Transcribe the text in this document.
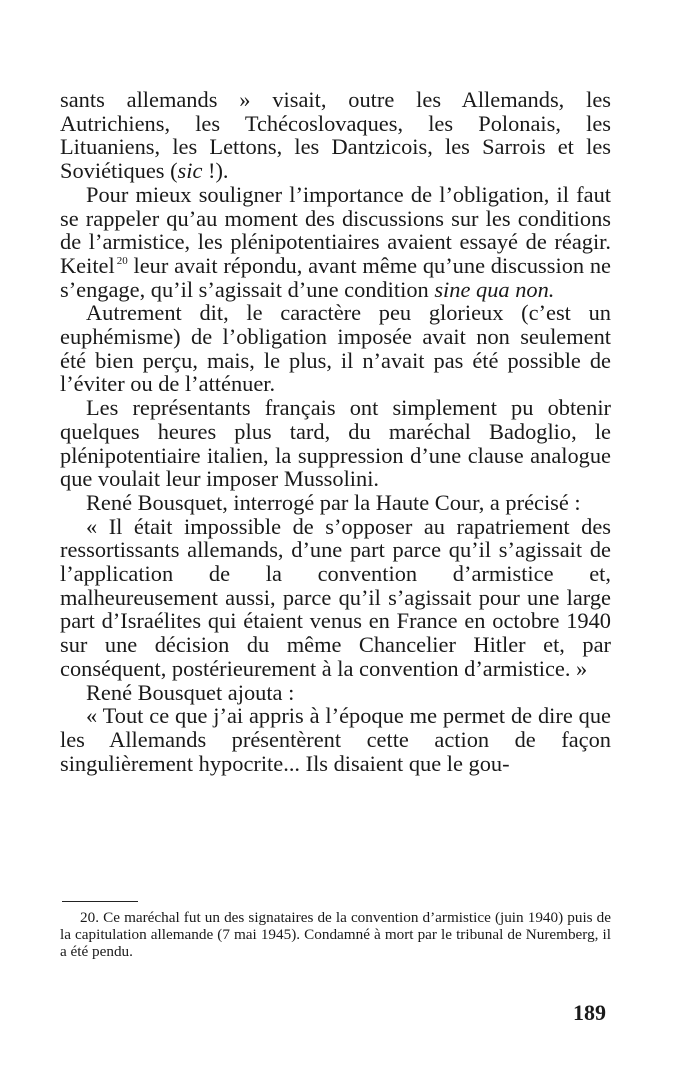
sants allemands » visait, outre les Allemands, les Autrichiens, les Tchécoslovaques, les Polonais, les Lituaniens, les Lettons, les Dantzicois, les Sarrois et les Soviétiques (sic !).

Pour mieux souligner l’importance de l’obligation, il faut se rappeler qu’au moment des discussions sur les conditions de l’armistice, les plénipotentiaires avaient essayé de réagir. Keitel $^{20}$ leur avait répondu, avant même qu’une discussion ne s’engage, qu’il s’agissait d’une condition sine qua non.

Autrement dit, le caractère peu glorieux (c’est un euphémisme) de l’obligation imposée avait non seulement été bien perçu, mais, le plus, il n’avait pas été possible de l’éviter ou de l’atténuer.

Les représentants français ont simplement pu obtenir quelques heures plus tard, du maréchal Badoglio, le plénipotentiaire italien, la suppression d’une clause analogue que voulait leur imposer Mussolini.

René Bousquet, interrogé par la Haute Cour, a précisé :

« Il était impossible de s’opposer au rapatriement des ressortissants allemands, d’une part parce qu’il s’agissait de l’application de la convention d’armistice et, malheureusement aussi, parce qu’il s’agissait pour une large part d’Israélites qui étaient venus en France en octobre 1940 sur une décision du même Chancelier Hitler et, par conséquent, postérieurement à la convention d’armistice. »

René Bousquet ajouta :

« Tout ce que j’ai appris à l’époque me permet de dire que les Allemands présentèrent cette action de façon singulièrement hypocrite... Ils disaient que le gou-

20. Ce maréchal fut un des signataires de la convention d’armistice (juin 1940) puis de la capitulation allemande (7 mai 1945). Condamné à mort par le tribunal de Nuremberg, il a été pendu.

189
